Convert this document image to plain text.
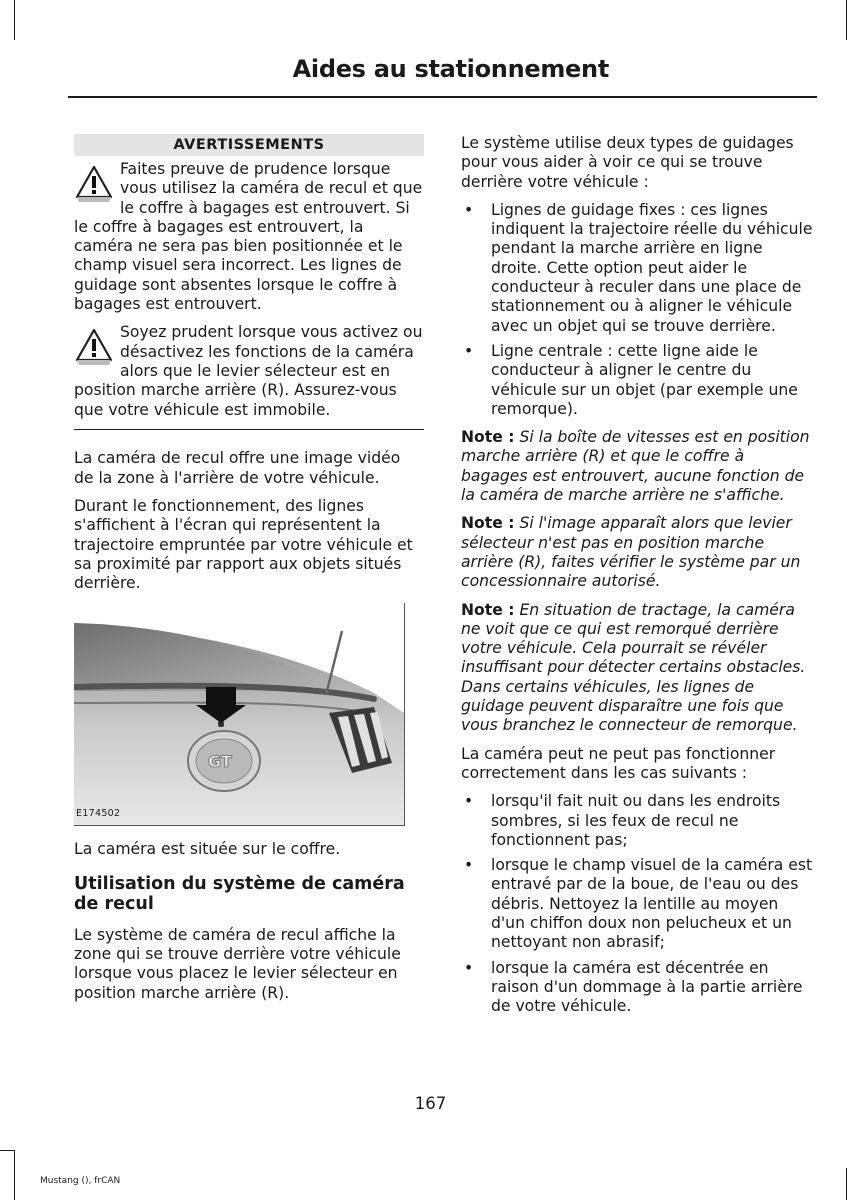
Aides au stationnement
AVERTISSEMENTS
Faites preuve de prudence lorsque vous utilisez la caméra de recul et que le coffre à bagages est entrouvert. Si le coffre à bagages est entrouvert, la caméra ne sera pas bien positionnée et le champ visuel sera incorrect. Les lignes de guidage sont absentes lorsque le coffre à bagages est entrouvert.
Soyez prudent lorsque vous activez ou désactivez les fonctions de la caméra alors que le levier sélecteur est en position marche arrière (R). Assurez-vous que votre véhicule est immobile.

La caméra de recul offre une image vidéo de la zone à l'arrière de votre véhicule.

Durant le fonctionnement, des lignes s'affichent à l'écran qui représentent la trajectoire empruntée par votre véhicule et sa proximité par rapport aux objets situés derrière.

GT
E174502

La caméra est située sur le coffre.

Utilisation du système de caméra de recul

Le système de caméra de recul affiche la zone qui se trouve derrière votre véhicule lorsque vous placez le levier sélecteur en position marche arrière (R).

Le système utilise deux types de guidages pour vous aider à voir ce qui se trouve derrière votre véhicule :

• Lignes de guidage fixes : ces lignes indiquent la trajectoire réelle du véhicule pendant la marche arrière en ligne droite. Cette option peut aider le conducteur à reculer dans une place de stationnement ou à aligner le véhicule avec un objet qui se trouve derrière.
• Ligne centrale : cette ligne aide le conducteur à aligner le centre du véhicule sur un objet (par exemple une remorque).

Note : Si la boîte de vitesses est en position marche arrière (R) et que le coffre à bagages est entrouvert, aucune fonction de la caméra de marche arrière ne s'affiche.

Note : Si l'image apparaît alors que levier sélecteur n'est pas en position marche arrière (R), faites vérifier le système par un concessionnaire autorisé.

Note : En situation de tractage, la caméra ne voit que ce qui est remorqué derrière votre véhicule. Cela pourrait se révéler insuffisant pour détecter certains obstacles. Dans certains véhicules, les lignes de guidage peuvent disparaître une fois que vous branchez le connecteur de remorque.

La caméra peut ne peut pas fonctionner correctement dans les cas suivants :

• lorsqu'il fait nuit ou dans les endroits sombres, si les feux de recul ne fonctionnent pas;
• lorsque le champ visuel de la caméra est entravé par de la boue, de l'eau ou des débris. Nettoyez la lentille au moyen d'un chiffon doux non pelucheux et un nettoyant non abrasif;
• lorsque la caméra est décentrée en raison d'un dommage à la partie arrière de votre véhicule.
167
Mustang (), frCAN
